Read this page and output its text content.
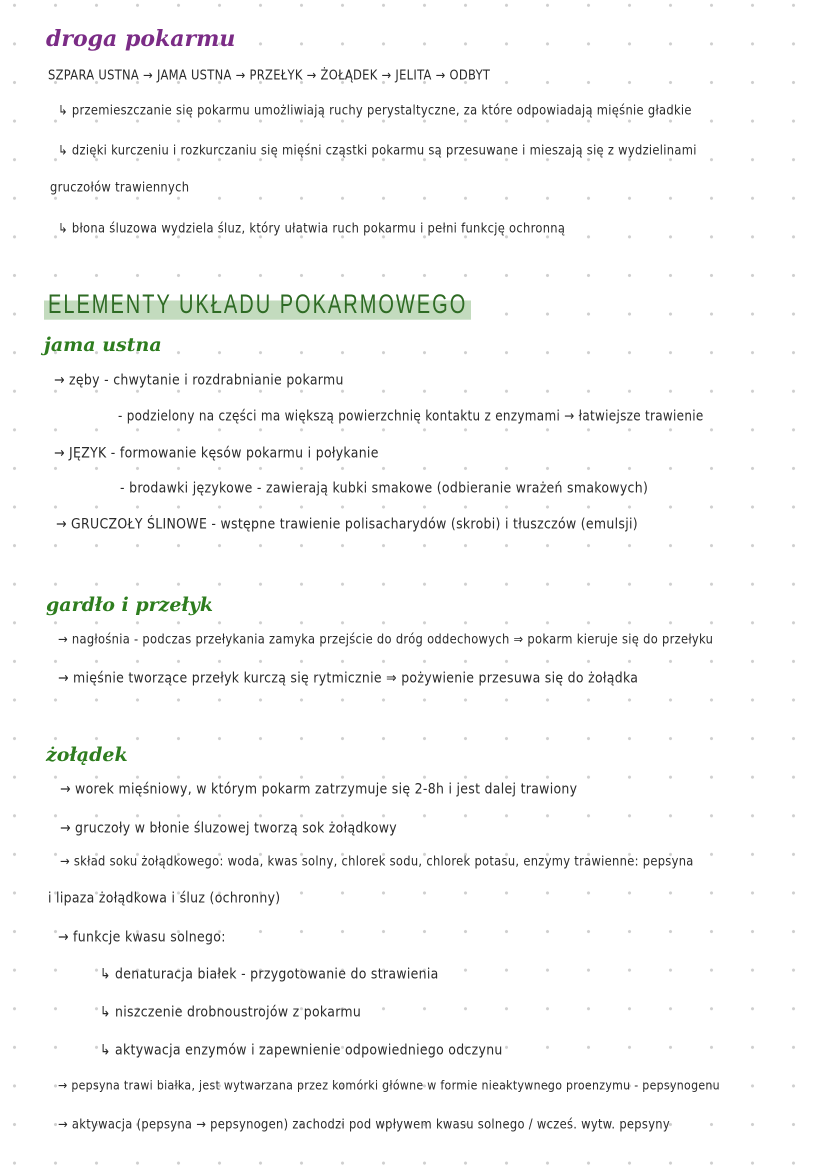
droga pokarmu
SZPARA USTNA → JAMA USTNA → PRZEŁYK → ŻOŁĄDEK → JELITA → ODBYT
↳ przemieszczanie się pokarmu umożliwiają ruchy perystaltyczne, za które odpowiadają mięśnie gładkie
↳ dzięki kurczeniu i rozkurczaniu się mięśni cząstki pokarmu są przesuwane i mieszają się z wydzielinami
gruczołów trawiennych
↳ błona śluzowa wydziela śluz, który ułatwia ruch pokarmu i pełni funkcję ochronną
ELEMENTY UKŁADU POKARMOWEGO
jama ustna
→ zęby - chwytanie i rozdrabnianie pokarmu
- podzielony na części ma większą powierzchnię kontaktu z enzymami → łatwiejsze trawienie
→ JĘZYK - formowanie kęsów pokarmu i połykanie
- brodawki językowe - zawierają kubki smakowe (odbieranie wrażeń smakowych)
→ GRUCZOŁY ŚLINOWE - wstępne trawienie polisacharydów (skrobi) i tłuszczów (emulsji)
gardło i przełyk
→ nagłośnia - podczas przełykania zamyka przejście do dróg oddechowych ⇒ pokarm kieruje się do przełyku
→ mięśnie tworzące przełyk kurczą się rytmicznie ⇒ pożywienie przesuwa się do żołądka
żołądek
→ worek mięśniowy, w którym pokarm zatrzymuje się 2-8h i jest dalej trawiony
→ gruczoły w błonie śluzowej tworzą sok żołądkowy
→ skład soku żołądkowego: woda, kwas solny, chlorek sodu, chlorek potasu, enzymy trawienne: pepsyna
i lipaza żołądkowa i śluz (ochronny)
→ funkcje kwasu solnego:
↳ denaturacja białek - przygotowanie do strawienia
↳ niszczenie drobnoustrojów z pokarmu
↳ aktywacja enzymów i zapewnienie odpowiedniego odczynu
→ pepsyna trawi białka, jest wytwarzana przez komórki główne w formie nieaktywnego proenzymu - pepsynogenu
→ aktywacja (pepsyna → pepsynogen) zachodzi pod wpływem kwasu solnego / wcześ. wytw. pepsyny
